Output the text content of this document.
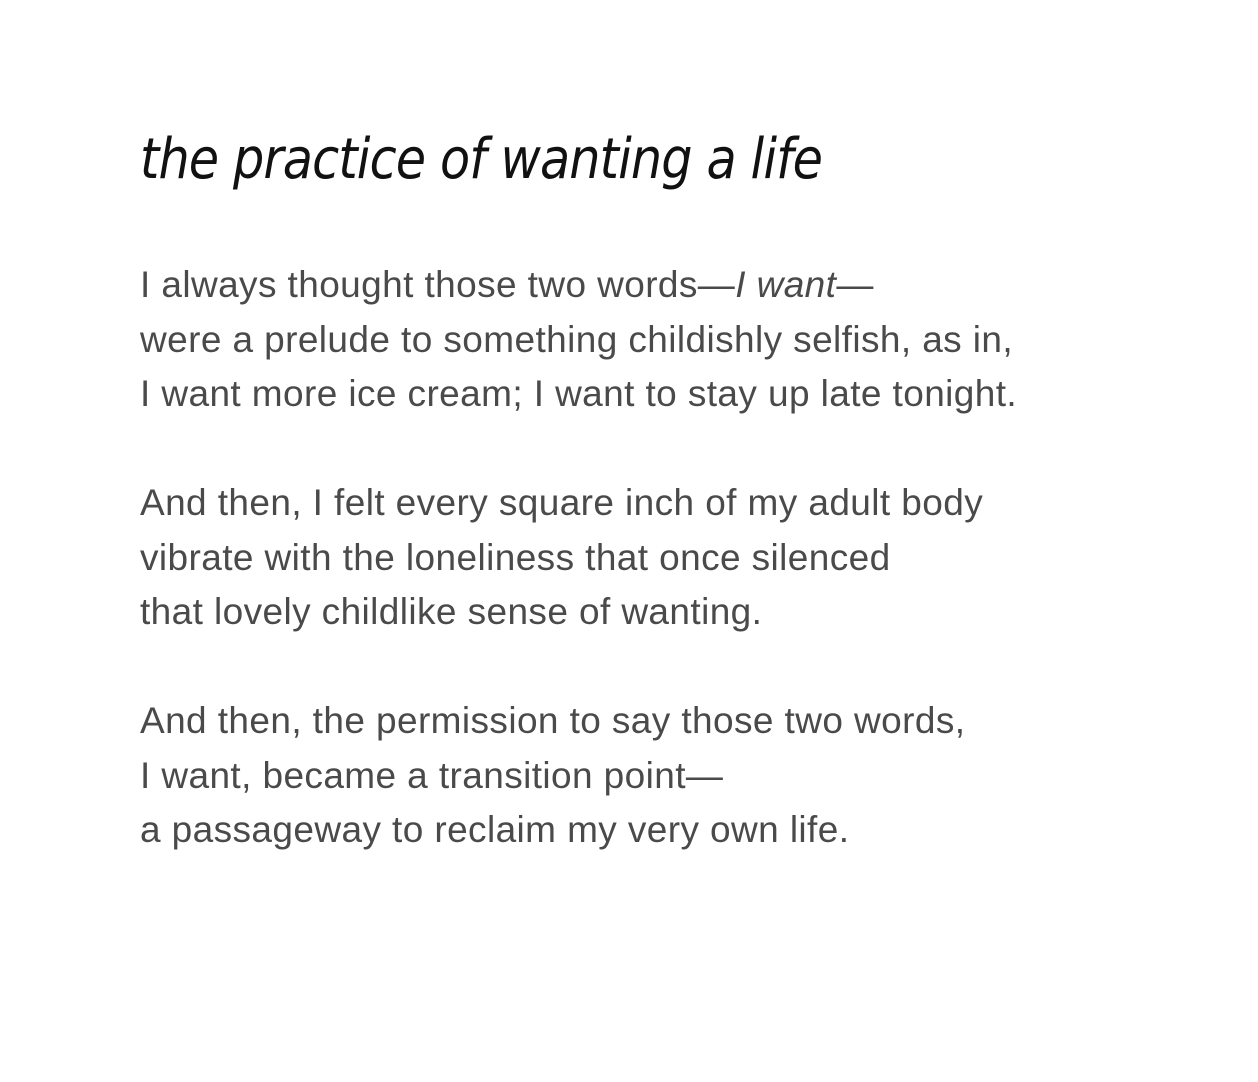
the practice of wanting a life

I always thought those two words—I want—
were a prelude to something childishly selfish, as in,
I want more ice cream; I want to stay up late tonight.

And then, I felt every square inch of my adult body
vibrate with the loneliness that once silenced
that lovely childlike sense of wanting.

And then, the permission to say those two words,
I want, became a transition point—
a passageway to reclaim my very own life.
